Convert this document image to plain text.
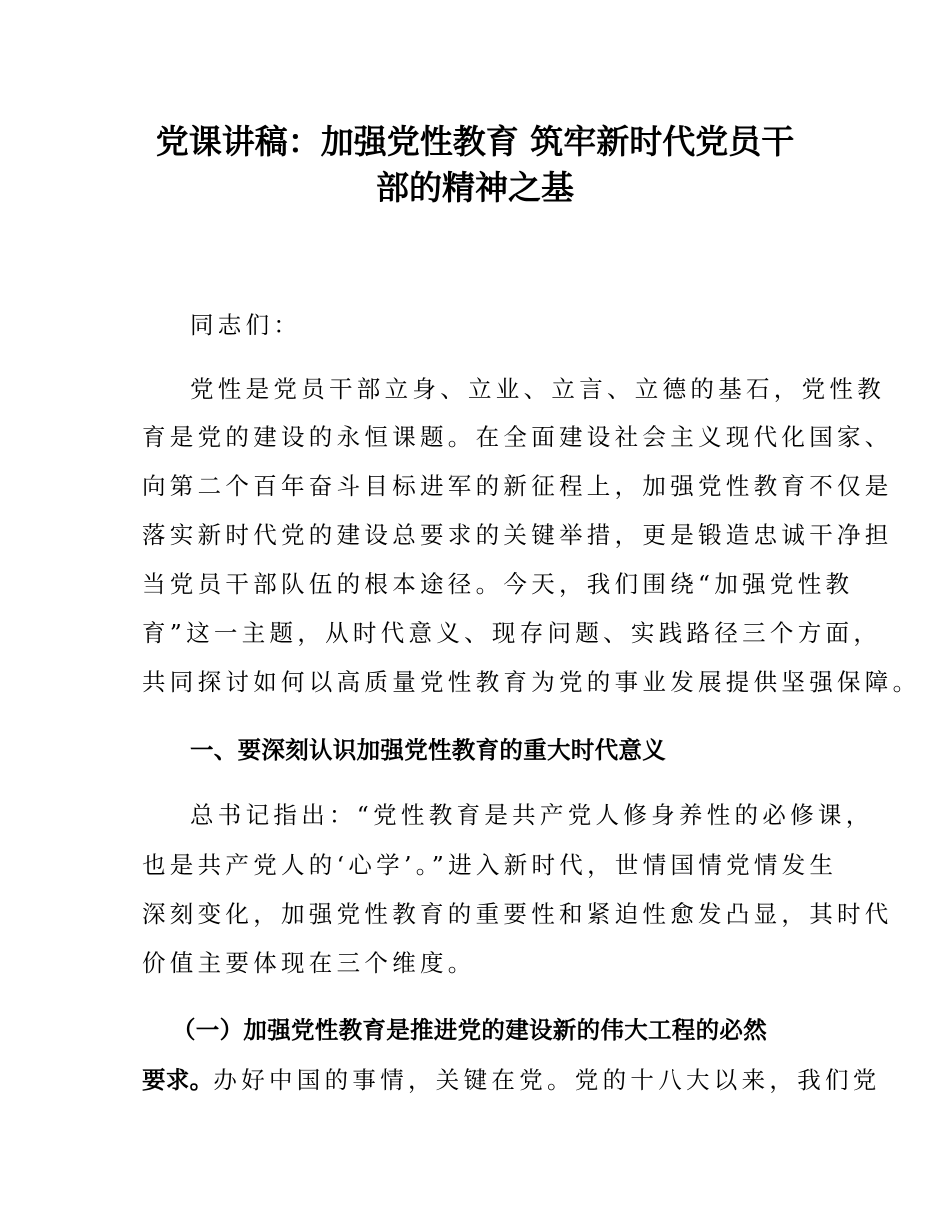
党课讲稿：加强党性教育 筑牢新时代党员干
部的精神之基
同志们：
党性是党员干部立身、立业、立言、立德的基石，党性教
育是党的建设的永恒课题。在全面建设社会主义现代化国家、
向第二个百年奋斗目标进军的新征程上，加强党性教育不仅是
落实新时代党的建设总要求的关键举措，更是锻造忠诚干净担
当党员干部队伍的根本途径。今天，我们围绕“加强党性教
育”这一主题，从时代意义、现存问题、实践路径三个方面，
共同探讨如何以高质量党性教育为党的事业发展提供坚强保障。
一、要深刻认识加强党性教育的重大时代意义
总书记指出：“党性教育是共产党人修身养性的必修课，
也是共产党人的‘心学’。”进入新时代，世情国情党情发生
深刻变化，加强党性教育的重要性和紧迫性愈发凸显，其时代
价值主要体现在三个维度。
（一）加强党性教育是推进党的建设新的伟大工程的必然
要求。办好中国的事情，关键在党。党的十八大以来，我们党
